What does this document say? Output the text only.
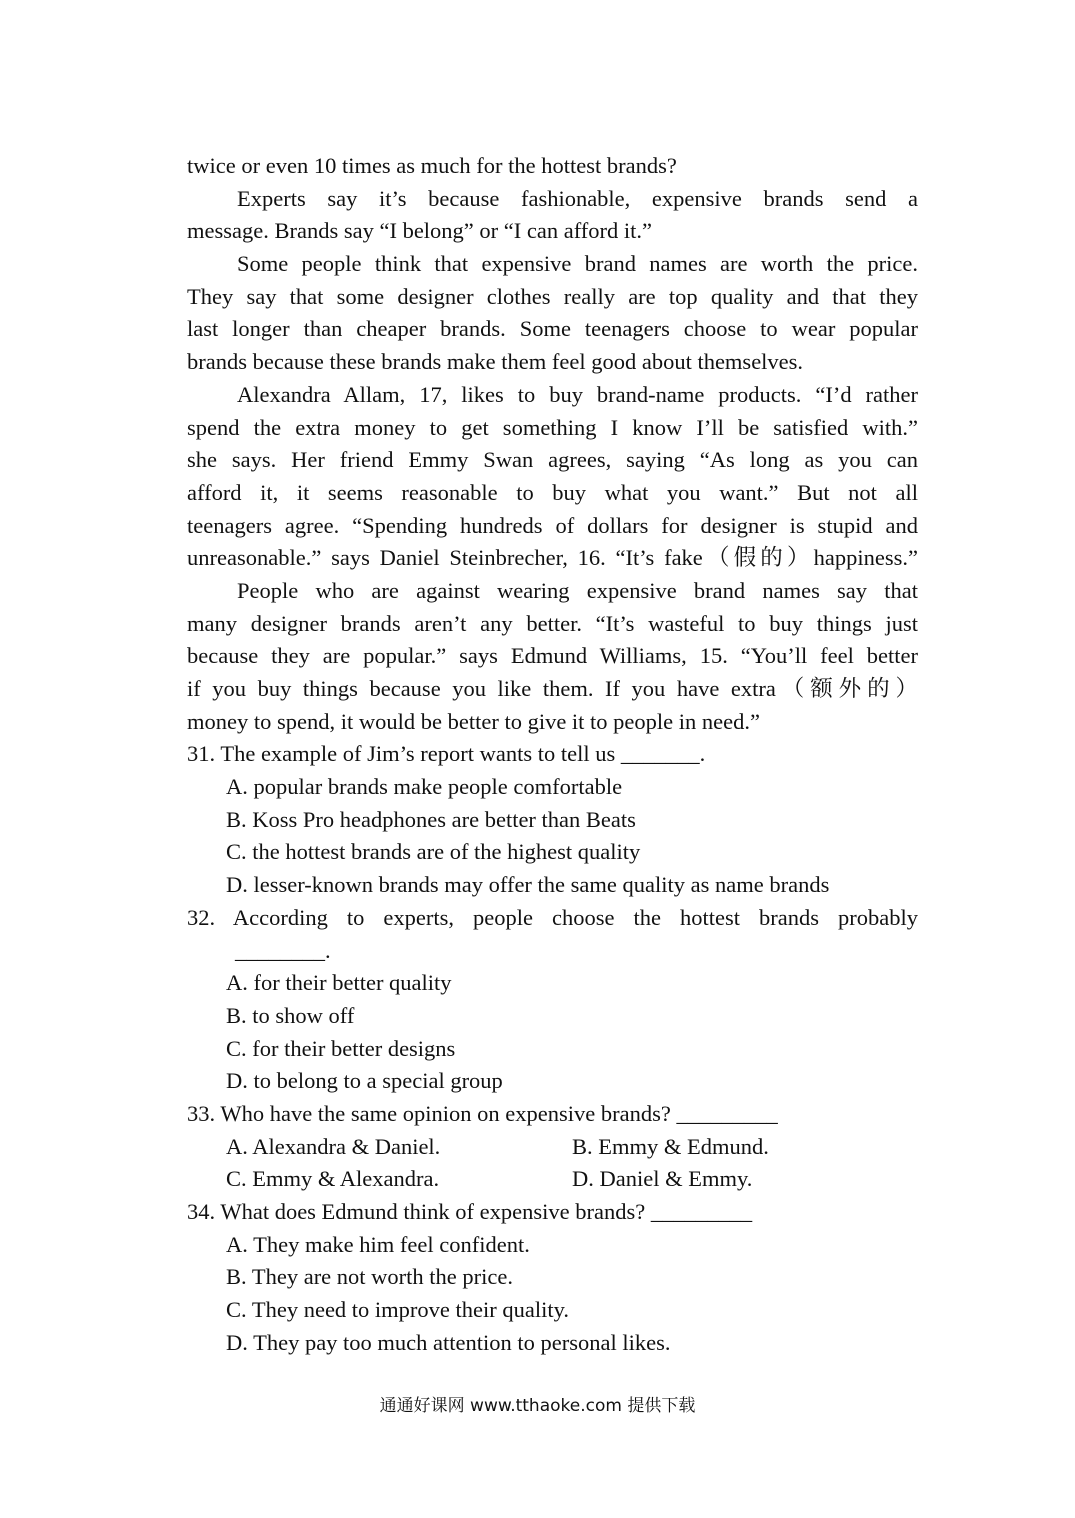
twice or even 10 times as much for the hottest brands?
Experts say it’s because fashionable, expensive brands send a
message. Brands say “I belong” or “I can afford it.”
Some people think that expensive brand names are worth the price.
They say that some designer clothes really are top quality and that they
last longer than cheaper brands. Some teenagers choose to wear popular
brands because these brands make them feel good about themselves.
Alexandra Allam, 17, likes to buy brand-name products. “I’d rather
spend the extra money to get something I know I’ll be satisfied with.”
she says. Her friend Emmy Swan agrees, saying “As long as you can
afford it, it seems reasonable to buy what you want.” But not all
teenagers agree. “Spending hundreds of dollars for designer is stupid and
unreasonable.” says Daniel Steinbrecher, 16. “It’s fake（假的）happiness.”
People who are against wearing expensive brand names say that
many designer brands aren’t any better. “It’s wasteful to buy things just
because they are popular.” says Edmund Williams, 15. “You’ll feel better
if you buy things because you like them. If you have extra（额外的）
money to spend, it would be better to give it to people in need.”
31. The example of Jim’s report wants to tell us _______.
A. popular brands make people comfortable
B. Koss Pro headphones are better than Beats
C. the hottest brands are of the highest quality
D. lesser-known brands may offer the same quality as name brands
32. According to experts, people choose the hottest brands probably
________.
A. for their better quality
B. to show off
C. for their better designs
D. to belong to a special group
33. Who have the same opinion on expensive brands? _________
A. Alexandra & Daniel.	B. Emmy & Edmund.
C. Emmy & Alexandra.	D. Daniel & Emmy.
34. What does Edmund think of expensive brands? _________
A. They make him feel confident.
B. They are not worth the price.
C. They need to improve their quality.
D. They pay too much attention to personal likes.
通通好课网 www.tthaoke.com 提供下载
